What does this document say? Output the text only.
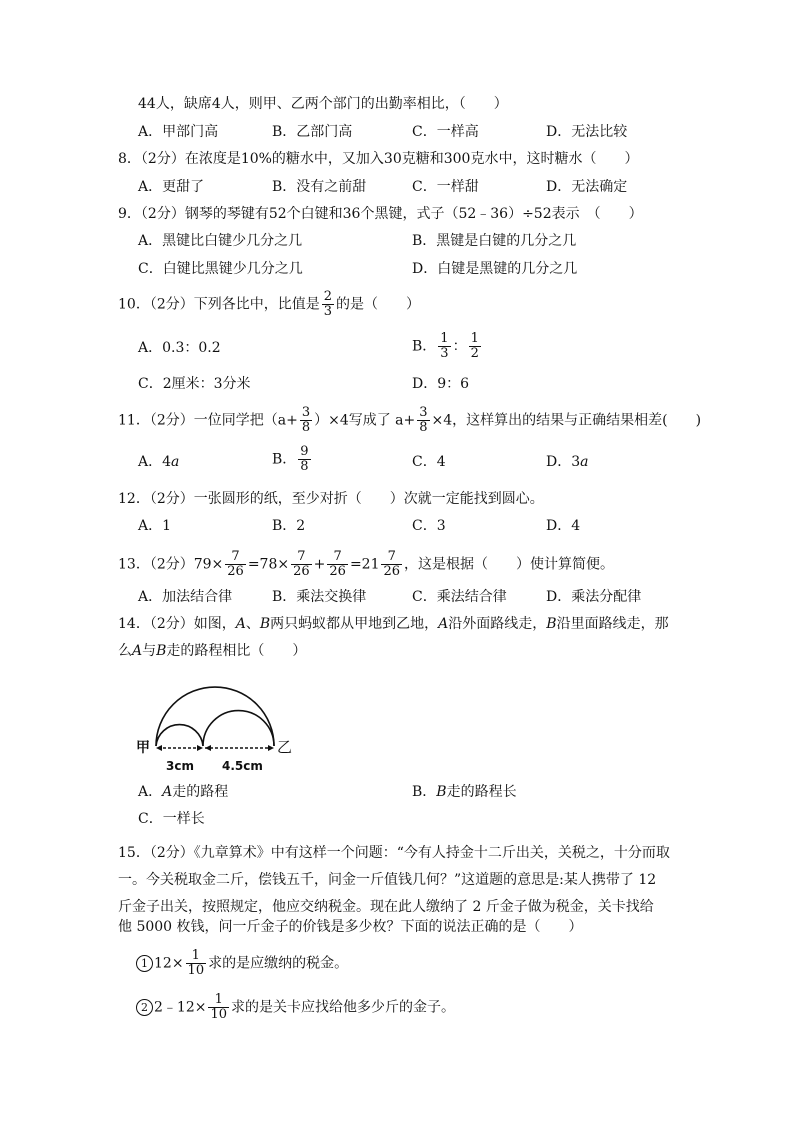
44人，缺席4人，则甲、乙两个部门的出勤率相比，（　　）
A．甲部门高	B．乙部门高	C．一样高	D．无法比较
8．（2分）在浓度是10%的糖水中，又加入30克糖和300克水中，这时糖水（　　）
A．更甜了	B．没有之前甜	C．一样甜	D．无法确定
9．（2分）钢琴的琴键有52个白键和36个黑键，式子（52﹣36）÷52表示　（　　）
A．黑键比白键少几分之几	B．黑键是白键的几分之几
C．白键比黑键少几分之几	D．白键是黑键的几分之几
10．（2分）下列各比中，比值是 $\frac{2}{3}$ 的是（　　）
A．0.3：0.2	B． $\frac{1}{3}$ ： $\frac{1}{2}$
C．2厘米：3分米	D．9：6
11．（2分）一位同学把$(a+ \frac{3}{8} )\times 4$写成了 $a+ \frac{3}{8} \times 4$，这样算出的结果与正确结果相差(　　)
A．4a	B． $\frac{9}{8}$	C．4	D．3a
12．（2分）一张圆形的纸，至少对折（　　）次就一定能找到圆心。
A．1	B．2	C．3	D．4
13．（2分）$79\times \frac{7}{26} =78\times \frac{7}{26} + \frac{7}{26} =21 \frac{7}{26}$ ，这是根据（　　）使计算简便。
A．加法结合律	B．乘法交换律	C．乘法结合律	D．乘法分配律
14．（2分）如图，A、B两只蚂蚁都从甲地到乙地，A沿外面路线走，B沿里面路线走，那
么A与B走的路程相比（　　）
甲	乙
3cm 4.5cm
A．A走的路程	B．B走的路程长
C．一样长
15．（2分）《九章算术》中有这样一个问题：“今有人持金十二斤出关，关税之，十分而取
一。今关税取金二斤，偿钱五千，问金一斤值钱几何？”这道题的意思是:某人携带了 12
斤金子出关，按照规定，他应交纳税金。现在此人缴纳了 2 斤金子做为税金，关卡找给
他 5000 枚钱，问一斤金子的价钱是多少枚？下面的说法正确的是（　　）
1 $12\times \frac{1}{10}$ 求的是应缴纳的税金。
2 2﹣12× $\frac{1}{10}$ 求的是关卡应找给他多少斤的金子。
